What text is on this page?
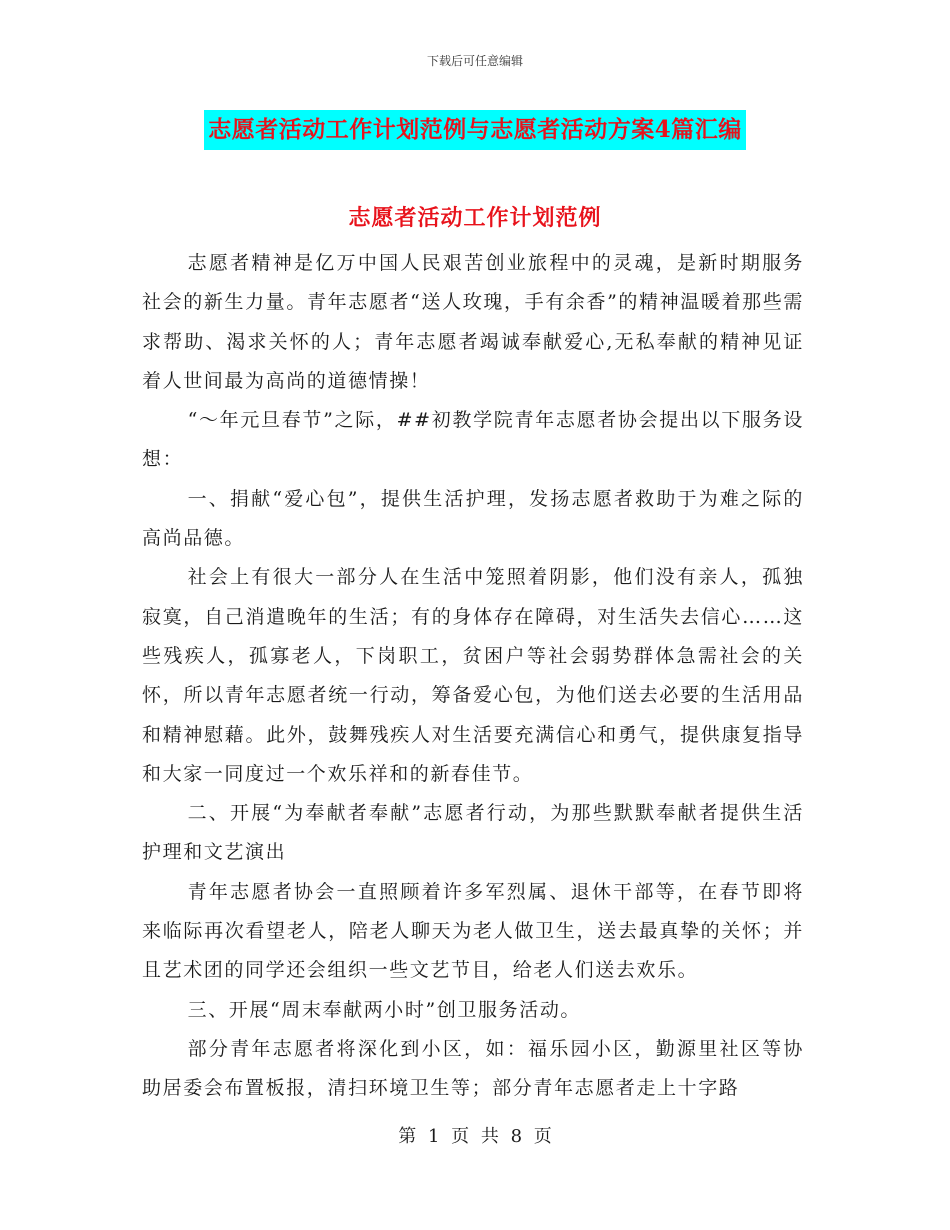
下载后可任意编辑
志愿者活动工作计划范例与志愿者活动方案4篇汇编
志愿者活动工作计划范例

志愿者精神是亿万中国人民艰苦创业旅程中的灵魂，是新时期服务社会的新生力量。青年志愿者“送人玫瑰，手有余香”的精神温暖着那些需求帮助、渴求关怀的人；青年志愿者竭诚奉献爱心,无私奉献的精神见证着人世间最为高尚的道德情操！

“～年元旦春节”之际，##初教学院青年志愿者协会提出以下服务设想：

一、捐献“爱心包”，提供生活护理，发扬志愿者救助于为难之际的高尚品德。

社会上有很大一部分人在生活中笼照着阴影，他们没有亲人，孤独寂寞，自己消遣晚年的生活；有的身体存在障碍，对生活失去信心……这些残疾人，孤寡老人，下岗职工，贫困户等社会弱势群体急需社会的关怀，所以青年志愿者统一行动，筹备爱心包，为他们送去必要的生活用品和精神慰藉。此外，鼓舞残疾人对生活要充满信心和勇气，提供康复指导和大家一同度过一个欢乐祥和的新春佳节。

二、开展“为奉献者奉献”志愿者行动，为那些默默奉献者提供生活护理和文艺演出

青年志愿者协会一直照顾着许多军烈属、退休干部等，在春节即将来临际再次看望老人，陪老人聊天为老人做卫生，送去最真挚的关怀；并且艺术团的同学还会组织一些文艺节目，给老人们送去欢乐。

三、开展“周末奉献两小时”创卫服务活动。

部分青年志愿者将深化到小区，如：福乐园小区，勤源里社区等协助居委会布置板报，清扫环境卫生等；部分青年志愿者走上十字路

第 1 页 共 8 页
